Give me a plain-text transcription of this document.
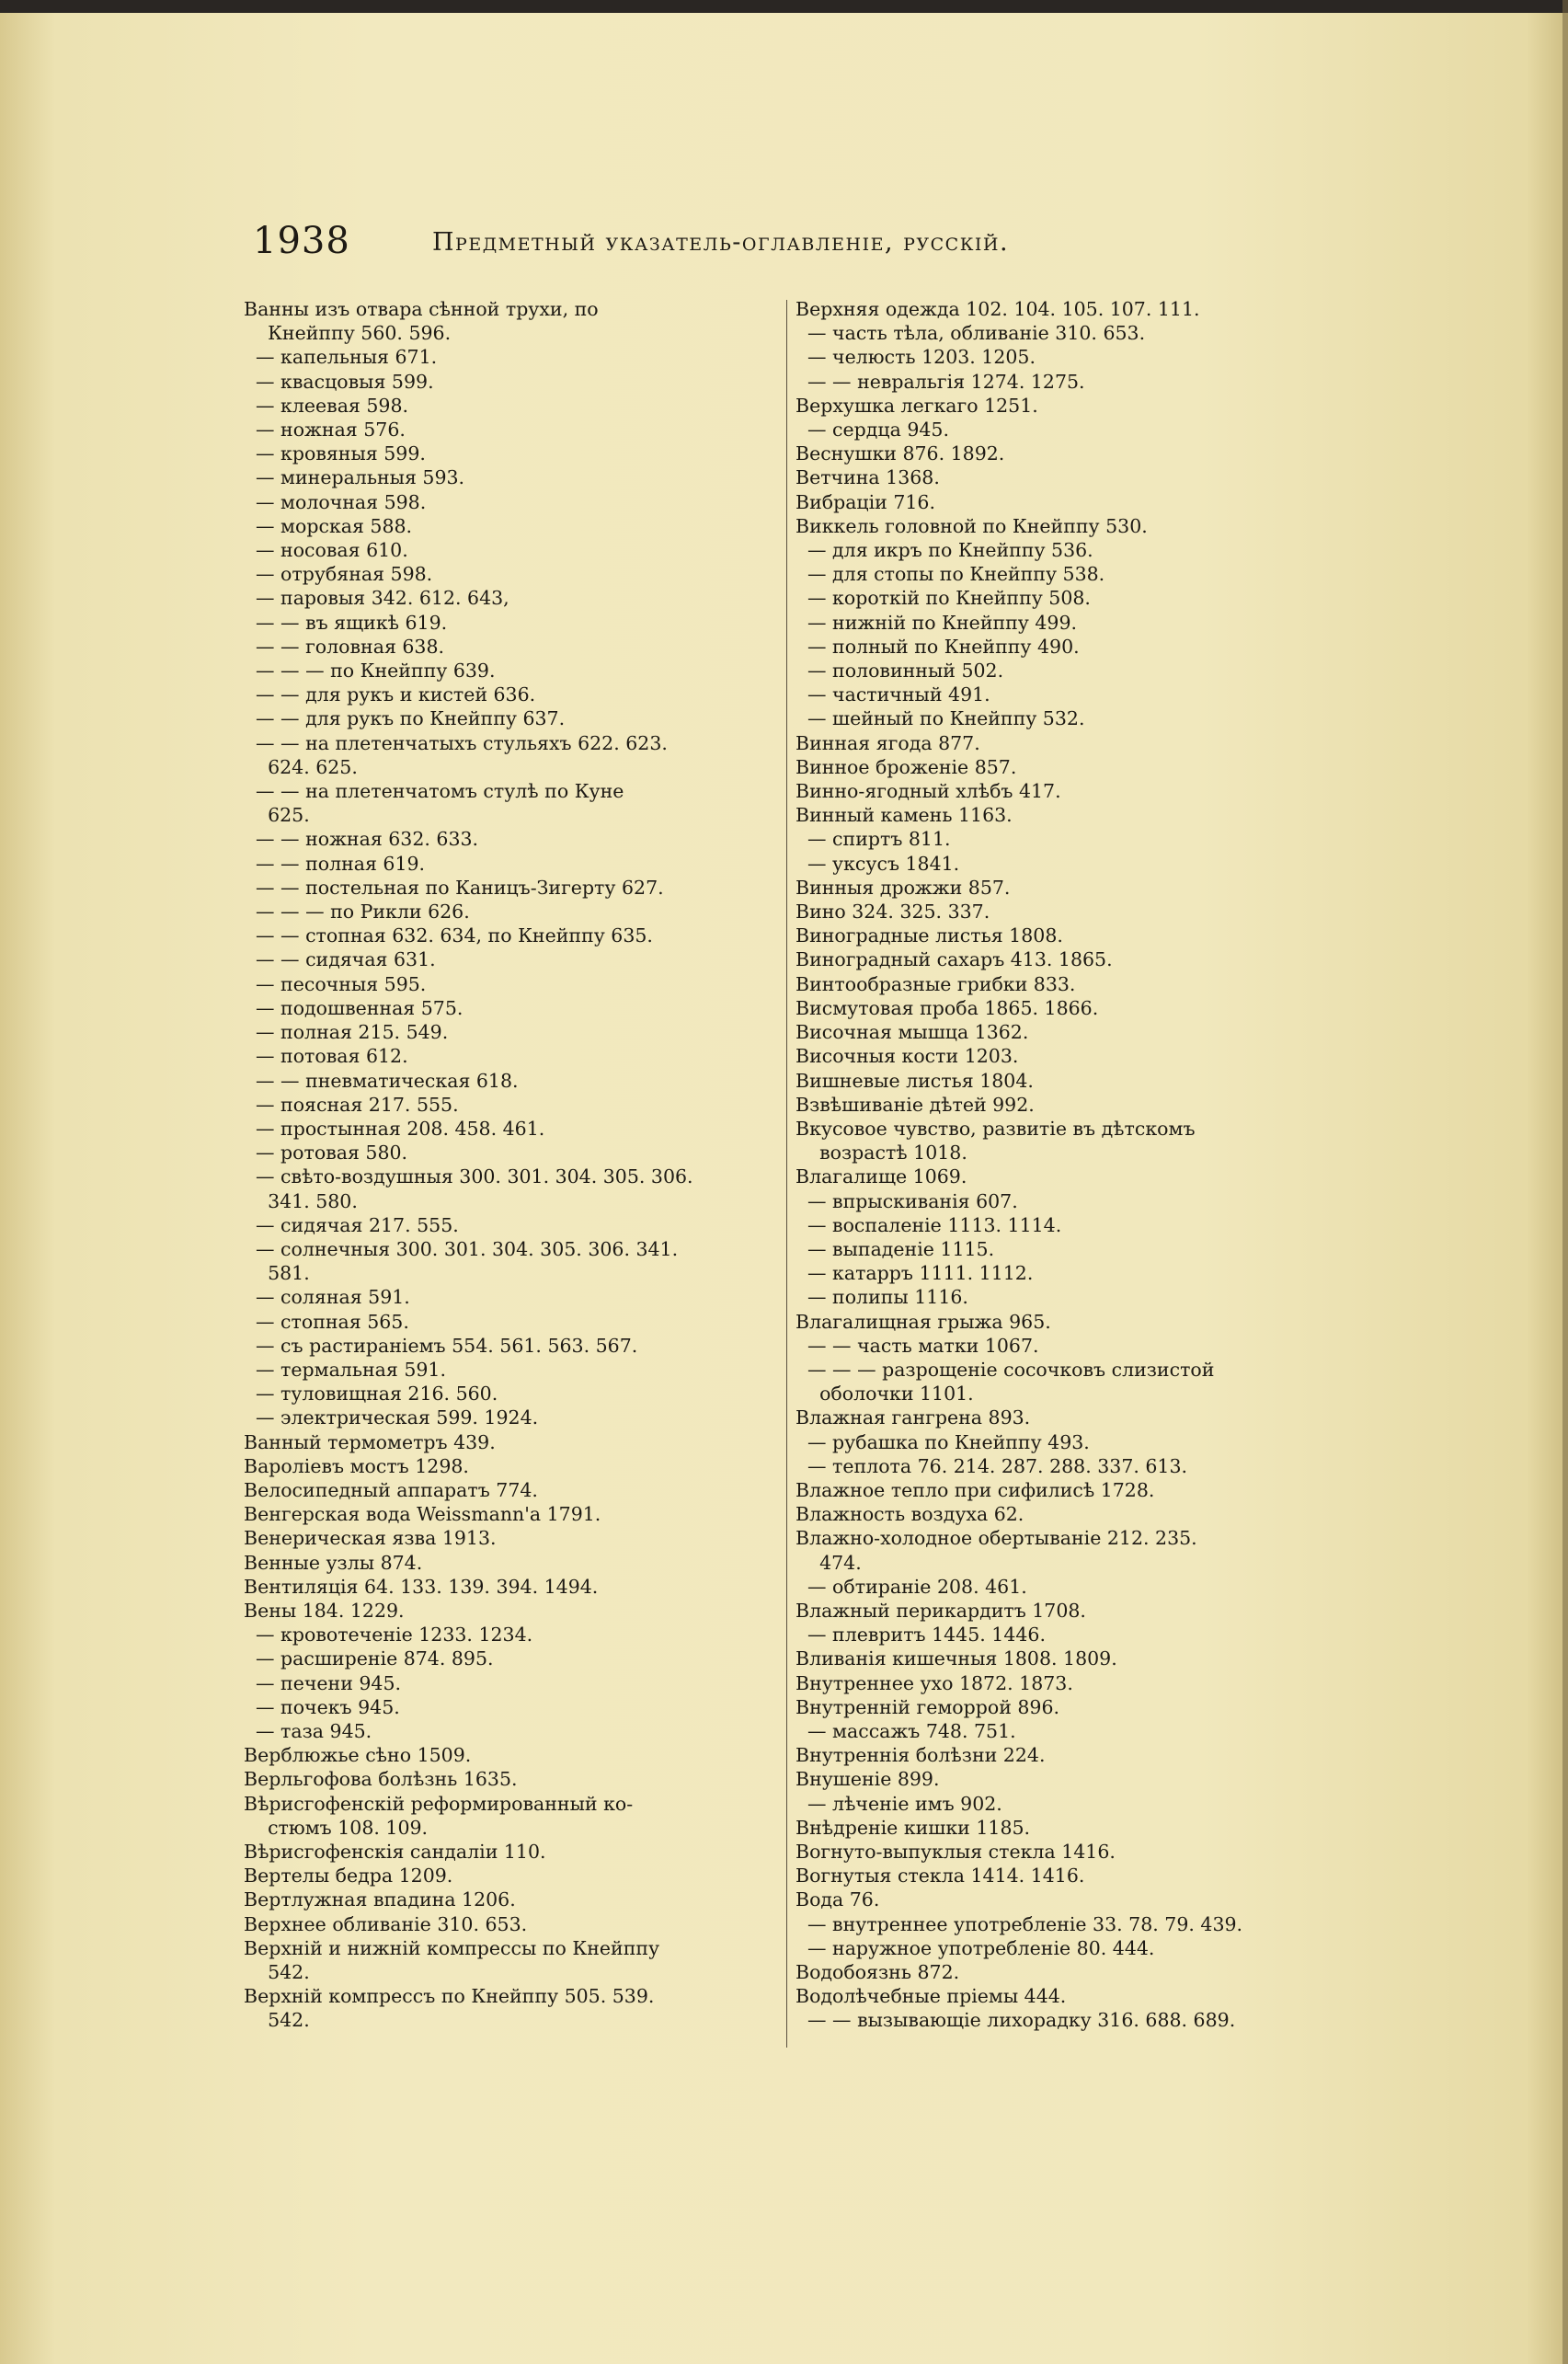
1938	Предметный указатель-оглавленіе, русскій.
Ванны изъ отвара сѣнной трухи, по
Кнейппу 560. 596.
— капельныя 671.
— квасцовыя 599.
— клеевая 598.
— ножная 576.
— кровяныя 599.
— минеральныя 593.
— молочная 598.
— морская 588.
— носовая 610.
— отрубяная 598.
— паровыя 342. 612. 643,
— — въ ящикѣ 619.
— — головная 638.
— — — по Кнейппу 639.
— — для рукъ и кистей 636.
— — для рукъ по Кнейппу 637.
— — на плетенчатыхъ стульяхъ 622. 623.
624. 625.
— — на плетенчатомъ стулѣ по Куне
625.
— — ножная 632. 633.
— — полная 619.
— — постельная по Каницъ-Зигерту 627.
— — — по Рикли 626.
— — стопная 632. 634, по Кнейппу 635.
— — сидячая 631.
— песочныя 595.
— подошвенная 575.
— полная 215. 549.
— потовая 612.
— — пневматическая 618.
— поясная 217. 555.
— простынная 208. 458. 461.
— ротовая 580.
— свѣто-воздушныя 300. 301. 304. 305. 306.
341. 580.
— сидячая 217. 555.
— солнечныя 300. 301. 304. 305. 306. 341.
581.
— соляная 591.
— стопная 565.
— съ растираніемъ 554. 561. 563. 567.
— термальная 591.
— туловищная 216. 560.
— электрическая 599. 1924.
Ванный термометръ 439.
Вароліевъ мостъ 1298.
Велосипедный аппаратъ 774.
Венгерская вода Weissmann'a 1791.
Венерическая язва 1913.
Венные узлы 874.
Вентиляція 64. 133. 139. 394. 1494.
Вены 184. 1229.
— кровотеченіе 1233. 1234.
— расширеніе 874. 895.
— печени 945.
— почекъ 945.
— таза 945.
Верблюжье сѣно 1509.
Верльгофова болѣзнь 1635.
Вѣрисгофенскій реформированный ко-
стюмъ 108. 109.
Вѣрисгофенскія сандаліи 110.
Вертелы бедра 1209.
Вертлужная впадина 1206.
Верхнее обливаніе 310. 653.
Верхній и нижній компрессы по Кнейппу
542.
Верхній компрессъ по Кнейппу 505. 539.
542.
Верхняя одежда 102. 104. 105. 107. 111.
— часть тѣла, обливаніе 310. 653.
— челюсть 1203. 1205.
— — невральгія 1274. 1275.
Верхушка легкаго 1251.
— сердца 945.
Веснушки 876. 1892.
Ветчина 1368.
Вибраціи 716.
Виккель головной по Кнейппу 530.
— для икръ по Кнейппу 536.
— для стопы по Кнейппу 538.
— короткій по Кнейппу 508.
— нижній по Кнейппу 499.
— полный по Кнейппу 490.
— половинный 502.
— частичный 491.
— шейный по Кнейппу 532.
Винная ягода 877.
Винное броженіе 857.
Винно-ягодный хлѣбъ 417.
Винный камень 1163.
— спиртъ 811.
— уксусъ 1841.
Винныя дрожжи 857.
Вино 324. 325. 337.
Виноградные листья 1808.
Виноградный сахаръ 413. 1865.
Винтообразные грибки 833.
Висмутовая проба 1865. 1866.
Височная мышца 1362.
Височныя кости 1203.
Вишневые листья 1804.
Взвѣшиваніе дѣтей 992.
Вкусовое чувство, развитіе въ дѣтскомъ
возрастѣ 1018.
Влагалище 1069.
— впрыскиванія 607.
— воспаленіе 1113. 1114.
— выпаденіе 1115.
— катарръ 1111. 1112.
— полипы 1116.
Влагалищная грыжа 965.
— — часть матки 1067.
— — — разрощеніе сосочковъ слизистой
оболочки 1101.
Влажная гангрена 893.
— рубашка по Кнейппу 493.
— теплота 76. 214. 287. 288. 337. 613.
Влажное тепло при сифилисѣ 1728.
Влажность воздуха 62.
Влажно-холодное обертываніе 212. 235.
474.
— обтираніе 208. 461.
Влажный перикардитъ 1708.
— плевритъ 1445. 1446.
Вливанія кишечныя 1808. 1809.
Внутреннее ухо 1872. 1873.
Внутренній геморрой 896.
— массажъ 748. 751.
Внутреннія болѣзни 224.
Внушеніе 899.
— лѣченіе имъ 902.
Внѣдреніе кишки 1185.
Вогнуто-выпуклыя стекла 1416.
Вогнутыя стекла 1414. 1416.
Вода 76.
— внутреннее употребленіе 33. 78. 79. 439.
— наружное употребленіе 80. 444.
Водобоязнь 872.
Водолѣчебные пріемы 444.
— — вызывающіе лихорадку 316. 688. 689.
